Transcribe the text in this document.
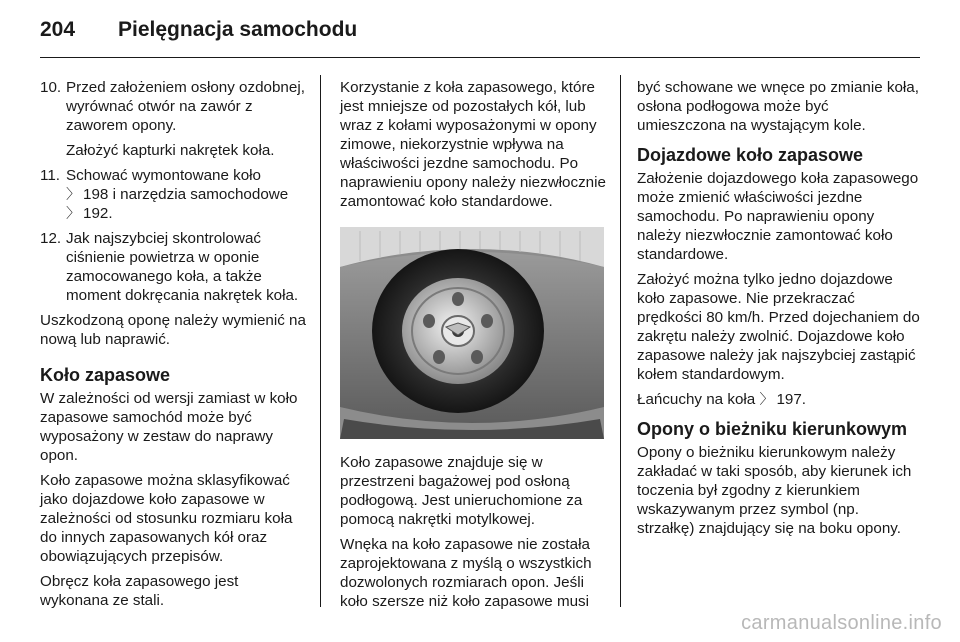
204 Pielęgnacja samochodu
10. Przed założeniem osłony ozdobnej, wyrównać otwór na zawór z zaworem opony.

Założyć kapturki nakrętek koła.

11. Schować wymontowane koło
〉 198 i narzędzia samochodowe
〉 192.
12. Jak najszybciej skontrolować ciśnienie powietrza w oponie zamocowanego koła, a także moment dokręcania nakrętek koła.

Uszkodzoną oponę należy wymienić na nową lub naprawić.

Koło zapasowe

W zależności od wersji zamiast w koło zapasowe samochód może być wyposażony w zestaw do naprawy opon.

Koło zapasowe można sklasyfikować jako dojazdowe koło zapasowe w zależności od stosunku rozmiaru koła do innych zapasowanych kół oraz obowiązujących przepisów.

Obręcz koła zapasowego jest wykonana ze stali.

Korzystanie z koła zapasowego, które jest mniejsze od pozostałych kół, lub wraz z kołami wyposażonymi w opony zimowe, niekorzystnie wpływa na właściwości jezdne samochodu. Po naprawieniu opony należy niezwłocznie zamontować koło standardowe.

Koło zapasowe znajduje się w przestrzeni bagażowej pod osłoną podłogową. Jest unieruchomione za pomocą nakrętki motylkowej.

Wnęka na koło zapasowe nie została zaprojektowana z myślą o wszystkich dozwolonych rozmiarach opon. Jeśli koło szersze niż koło zapasowe musi

być schowane we wnęce po zmianie koła, osłona podłogowa może być umieszczona na wystającym kole.

Dojazdowe koło zapasowe

Założenie dojazdowego koła zapasowego może zmienić właściwości jezdne samochodu. Po naprawieniu opony należy niezwłocznie zamontować koło standardowe.

Założyć można tylko jedno dojazdowe koło zapasowe. Nie przekraczać prędkości 80 km/h. Przed dojechaniem do zakrętu należy zwolnić. Dojazdowe koło zapasowe należy jak najszybciej zastąpić kołem standardowym.

Łańcuchy na koła 〉 197.

Opony o bieżniku kierunkowym

Opony o bieżniku kierunkowym należy zakładać w taki sposób, aby kierunek ich toczenia był zgodny z kierunkiem wskazywanym przez symbol (np. strzałkę) znajdujący się na boku opony.

carmanualsonline.info
